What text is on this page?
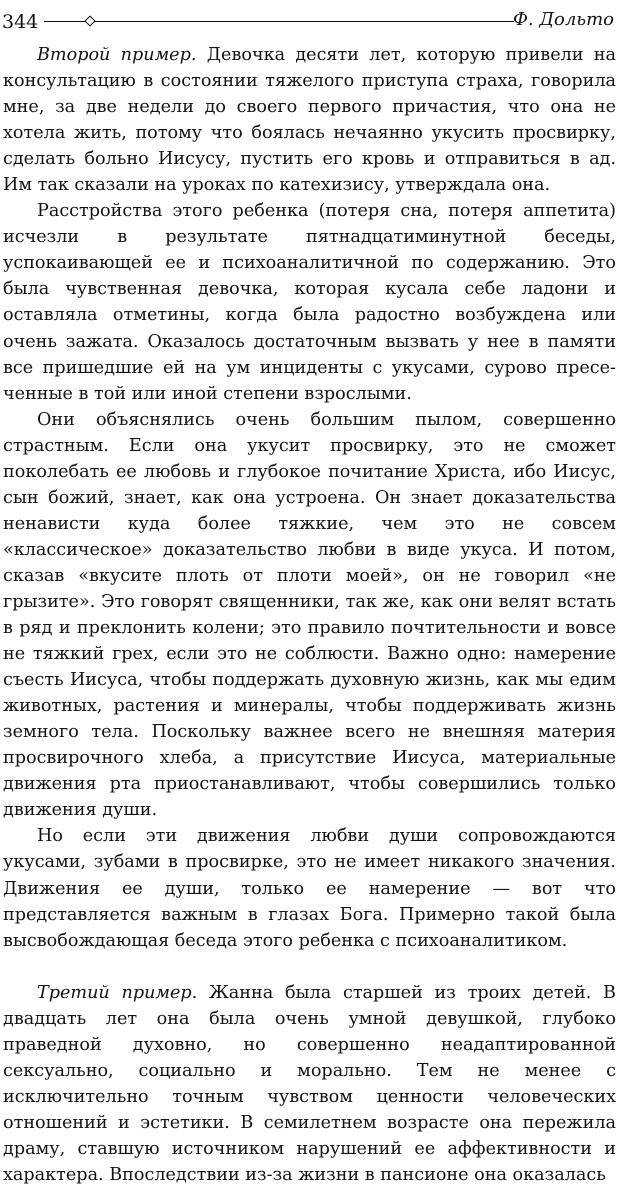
344	Ф. Дольто

Второй пример. Девочка десяти лет, которую привели на консультацию в состоянии тяжелого приступа страха, говорила мне, за две недели до своего первого причастия, что она не хотела жить, потому что боялась нечаянно укусить просвирку, сделать больно Иисусу, пустить его кровь и отправиться в ад. Им так сказали на уроках по катехизису, утверждала она.

Расстройства этого ребенка (потеря сна, потеря аппетита) исчезли в результате пятнадцатиминутной беседы, успокаивающей ее и психоаналитичной по содержанию. Это была чувственная девочка, которая кусала себе ладони и оставляла отметины, когда была радостно возбуждена или очень зажата. Оказалось достаточным вызвать у нее в памяти все пришедшие ей на ум инциденты с укусами, сурово пресеченные в той или иной степени взрослыми.

Они объяснялись очень большим пылом, совершенно страстным. Если она укусит просвирку, это не сможет поколебать ее любовь и глубокое почитание Христа, ибо Иисус, сын божий, знает, как она устроена. Он знает доказательства ненависти куда более тяжкие, чем это не совсем «классическое» доказательство любви в виде укуса. И потом, сказав «вкусите плоть от плоти моей», он не говорил «не грызите». Это говорят священники, так же, как они велят встать в ряд и преклонить колени; это правило почтительности и вовсе не тяжкий грех, если это не соблюсти. Важно одно: намерение съесть Иисуса, чтобы поддержать духовную жизнь, как мы едим животных, растения и минералы, чтобы поддерживать жизнь земного тела. Поскольку важнее всего не внешняя материя просвирочного хлеба, а присутствие Иисуса, материальные движения рта приостанавливают, чтобы совершились только движения души.

Но если эти движения любви души сопровождаются укусами, зубами в просвирке, это не имеет никакого значения. Движения ее души, только ее намерение — вот что представляется важным в глазах Бога. Примерно такой была высвобождающая беседа этого ребенка с психоаналитиком.

Третий пример. Жанна была старшей из троих детей. В двадцать лет она была очень умной девушкой, глубоко праведной духовно, но совершенно неадаптированной сексуально, социально и морально. Тем не менее с исключительно точным чувством ценности человеческих отношений и эстетики. В семилетнем возрасте она пережила драму, ставшую источником нарушений ее аффективности и характера. Впоследствии из-за жизни в пансионе она оказалась
